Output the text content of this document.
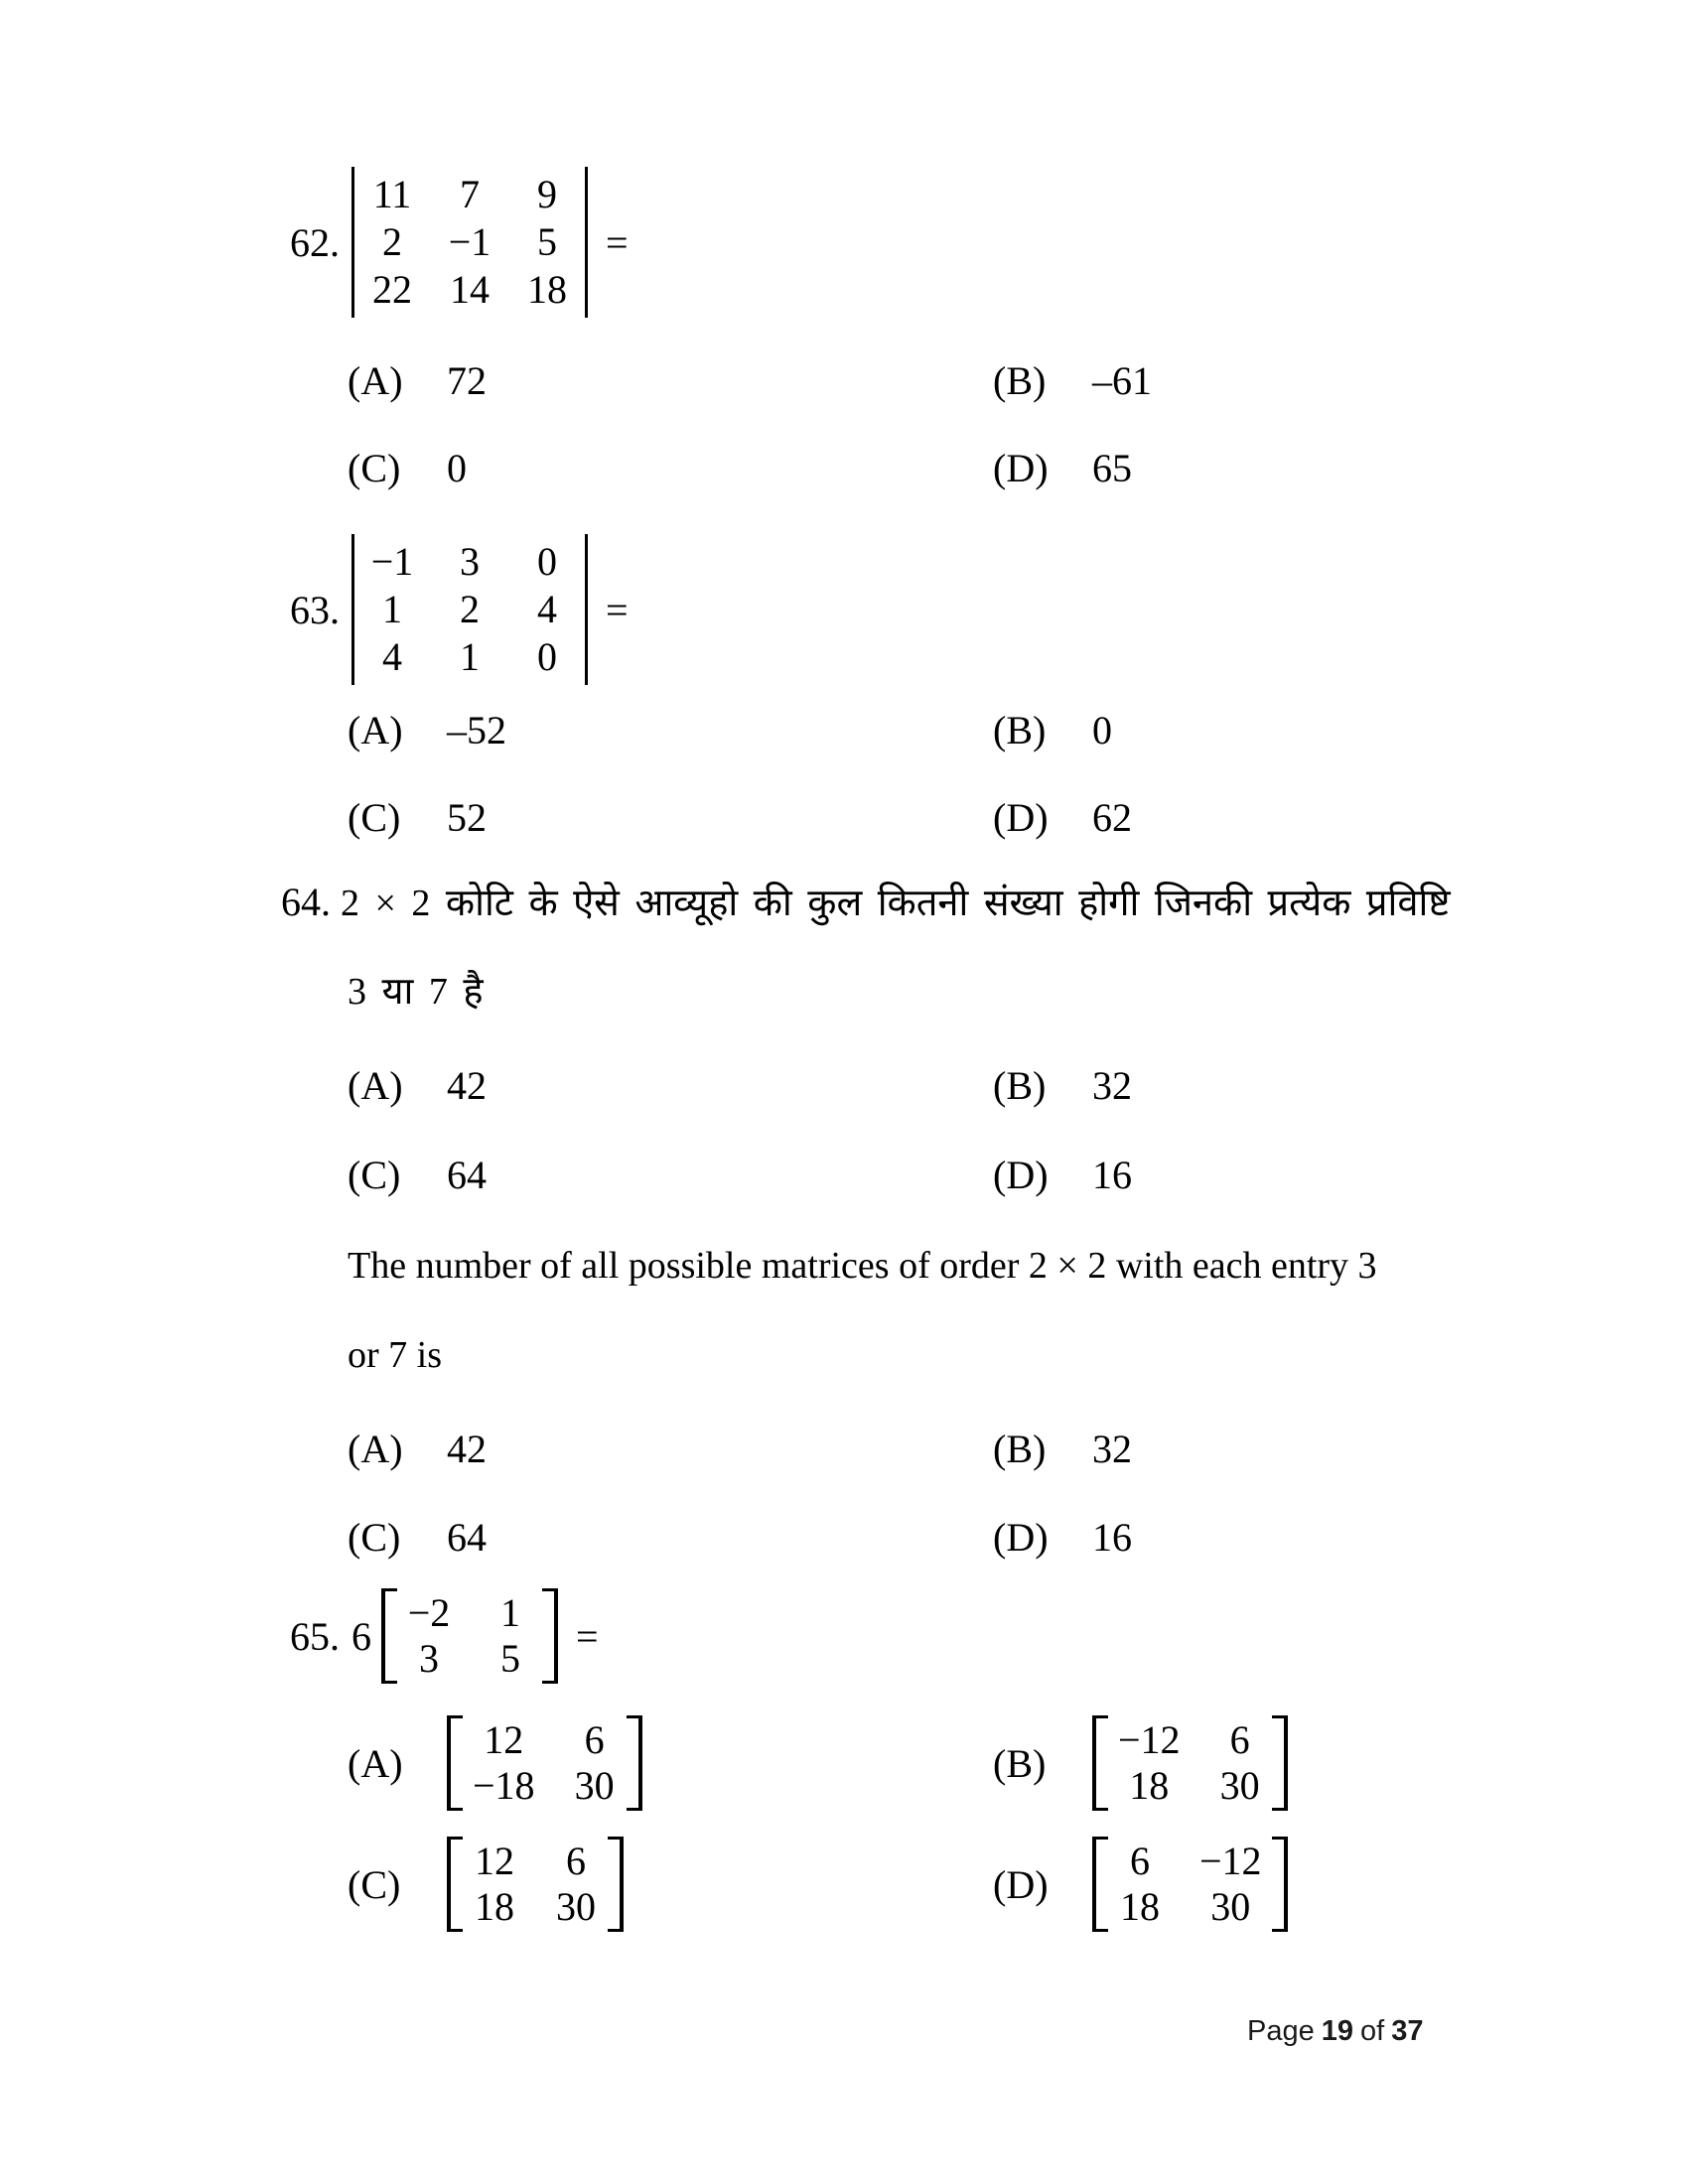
62.
11	7	9
2	−1	5
22 14 18
=
(A)	72	(B)	–61
(C)	0	(D)	65
63.
−1	3	0
1	2	4
4	1	0
=
(A)	–52	(B)	0
(C)	52	(D)	62
64. 2 × 2 कोटि के ऐसे आव्यूहो की कुल कितनी संख्या होगी जिनकी प्रत्येक प्रविष्टि
3 या 7 है
(A)	42	(B)	32
(C)	64	(D)	16
The number of all possible matrices of order 2 × 2 with each entry 3
or 7 is
(A)	42	(B)	32
(C)	64	(D)	16
65. 6
−2	1
3	5	=
(A)
12	6
−18 30	(B)
−12	6
18 30
(C)
12	6
18 30	(D)
6	−12
18 30
Page 19 of 37
